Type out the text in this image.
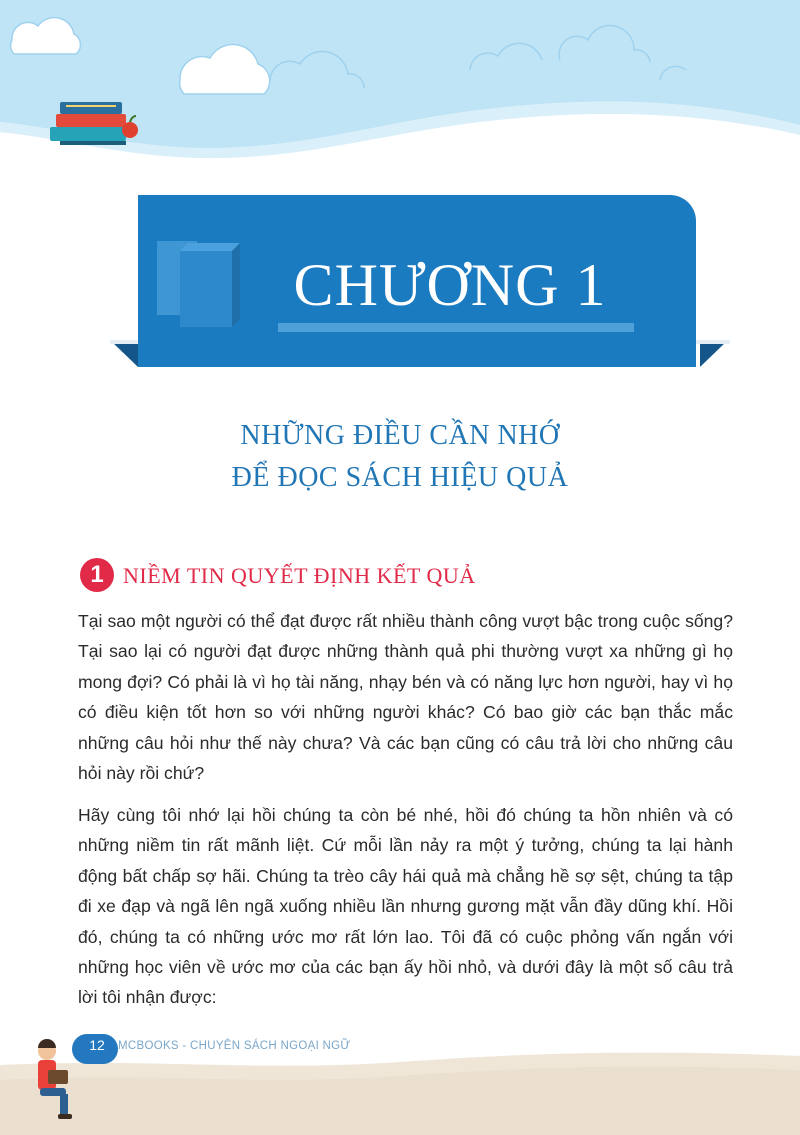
CHƯƠNG 1
NHỮNG ĐIỀU CẦN NHỚ
ĐỂ ĐỌC SÁCH HIỆU QUẢ
1 NIỀM TIN QUYẾT ĐỊNH KẾT QUẢ

Tại sao một người có thể đạt được rất nhiều thành công vượt bậc trong cuộc sống? Tại sao lại có người đạt được những thành quả phi thường vượt xa những gì họ mong đợi? Có phải là vì họ tài năng, nhạy bén và có năng lực hơn người, hay vì họ có điều kiện tốt hơn so với những người khác? Có bao giờ các bạn thắc mắc những câu hỏi như thế này chưa? Và các bạn cũng có câu trả lời cho những câu hỏi này rồi chứ?

Hãy cùng tôi nhớ lại hồi chúng ta còn bé nhé, hồi đó chúng ta hồn nhiên và có những niềm tin rất mãnh liệt. Cứ mỗi lần nảy ra một ý tưởng, chúng ta lại hành động bất chấp sợ hãi. Chúng ta trèo cây hái quả mà chẳng hề sợ sệt, chúng ta tập đi xe đạp và ngã lên ngã xuống nhiều lần nhưng gương mặt vẫn đầy dũng khí. Hồi đó, chúng ta có những ước mơ rất lớn lao. Tôi đã có cuộc phỏng vấn ngắn với những học viên về ước mơ của các bạn ấy hồi nhỏ, và dưới đây là một số câu trả lời tôi nhận được:

12	MCBOOKS - CHUYÊN SÁCH NGOẠI NGỮ
